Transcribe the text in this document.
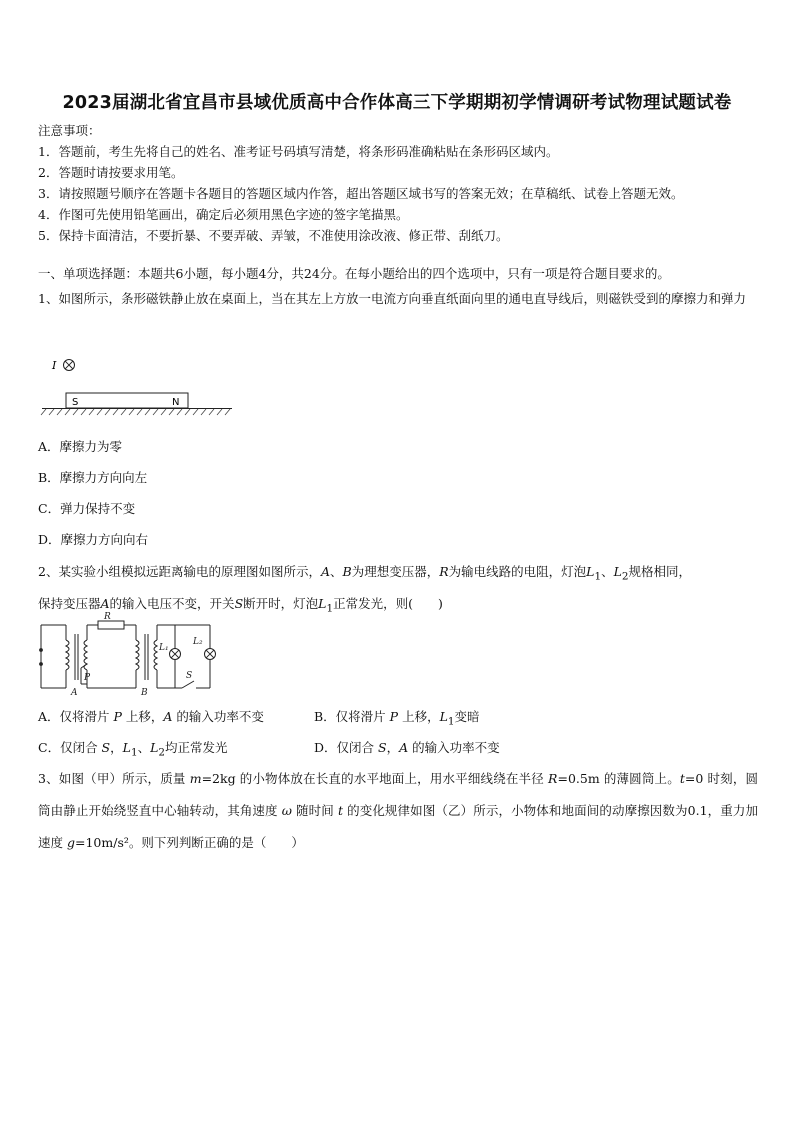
2023届湖北省宜昌市县域优质高中合作体高三下学期期初学情调研考试物理试题试卷
注意事项：
1．答题前，考生先将自己的姓名、准考证号码填写清楚，将条形码准确粘贴在条形码区域内。
2．答题时请按要求用笔。
3．请按照题号顺序在答题卡各题目的答题区域内作答，超出答题区域书写的答案无效；在草稿纸、试卷上答题无效。
4．作图可先使用铅笔画出，确定后必须用黑色字迹的签字笔描黑。
5．保持卡面清洁，不要折暴、不要弄破、弄皱，不准使用涂改液、修正带、刮纸刀。
一、单项选择题：本题共6小题，每小题4分，共24分。在每小题给出的四个选项中，只有一项是符合题目要求的。
1、如图所示，条形磁铁静止放在桌面上，当在其左上方放一电流方向垂直纸面向里的通电直导线后，则磁铁受到的摩擦力和弹力
I
S	N
A．摩擦力为零
B．摩擦力方向向左
C．弹力保持不变
D．摩擦力方向向右
2、某实验小组模拟远距离输电的原理图如图所示，A、B为理想变压器，R为输电线路的电阻，灯泡$L_1$、$L_2$规格相同，
保持变压器A的输入电压不变，开关S断开时，灯泡$L_1$正常发光，则(　　)
R
L₁
L₂
P	S
A	B
A．仅将滑片 P 上移，A 的输入功率不变	B．仅将滑片 P 上移，$L_1$变暗
C．仅闭合 S，$L_1$、$L_2$均正常发光	D．仅闭合 S，A 的输入功率不变
3、如图（甲）所示，质量 m=2kg 的小物体放在长直的水平地面上，用水平细线绕在半径 R=0.5m 的薄圆筒上。t=0 时刻，圆筒由静止开始绕竖直中心轴转动，其角速度 ω 随时间 t 的变化规律如图（乙）所示，小物体和地面间的动摩擦因数为0.1，重力加速度 g=10m/s²。则下列判断正确的是（　　）
